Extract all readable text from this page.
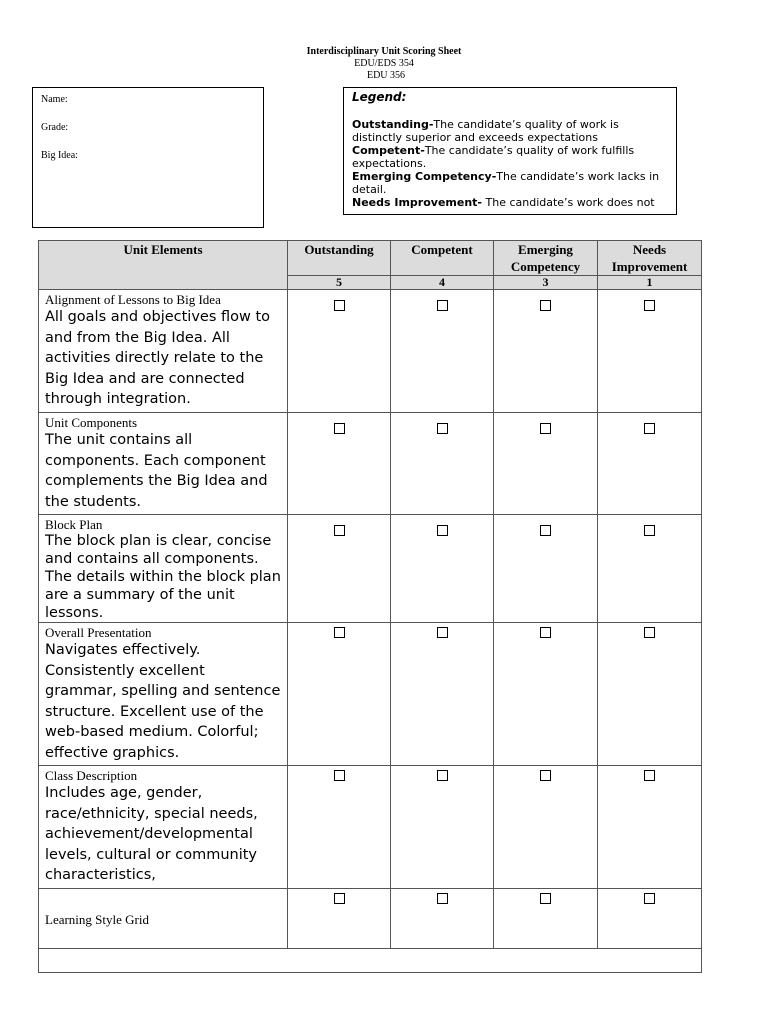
Interdisciplinary Unit Scoring Sheet
EDU/EDS 354
EDU 356
Name:
Grade:
Big Idea:
Legend:

Outstanding-The candidate’s quality of work is distinctly superior and exceeds expectations

Competent-The candidate’s quality of work fulfills expectations.

Emerging Competency-The candidate’s work lacks in detail.

Needs Improvement- The candidate’s work does not

Unit Elements	Outstanding	Competent	Emerging Competency	Needs Improvement
	5	4	3	1

Alignment of Lessons to Big Idea
All goals and objectives flow to and from the Big Idea. All activities directly relate to the Big Idea and are connected through integration.				

Unit Components
The unit contains all components. Each component complements the Big Idea and the students.				

Block Plan
The block plan is clear, concise and contains all components. The details within the block plan are a summary of the unit lessons.				

Overall Presentation
Navigates effectively. Consistently excellent grammar, spelling and sentence structure. Excellent use of the web-based medium. Colorful; effective graphics.				

Class Description
Includes age, gender, race/ethnicity, special needs, achievement/developmental levels, cultural or community characteristics,				

Learning Style Grid				
